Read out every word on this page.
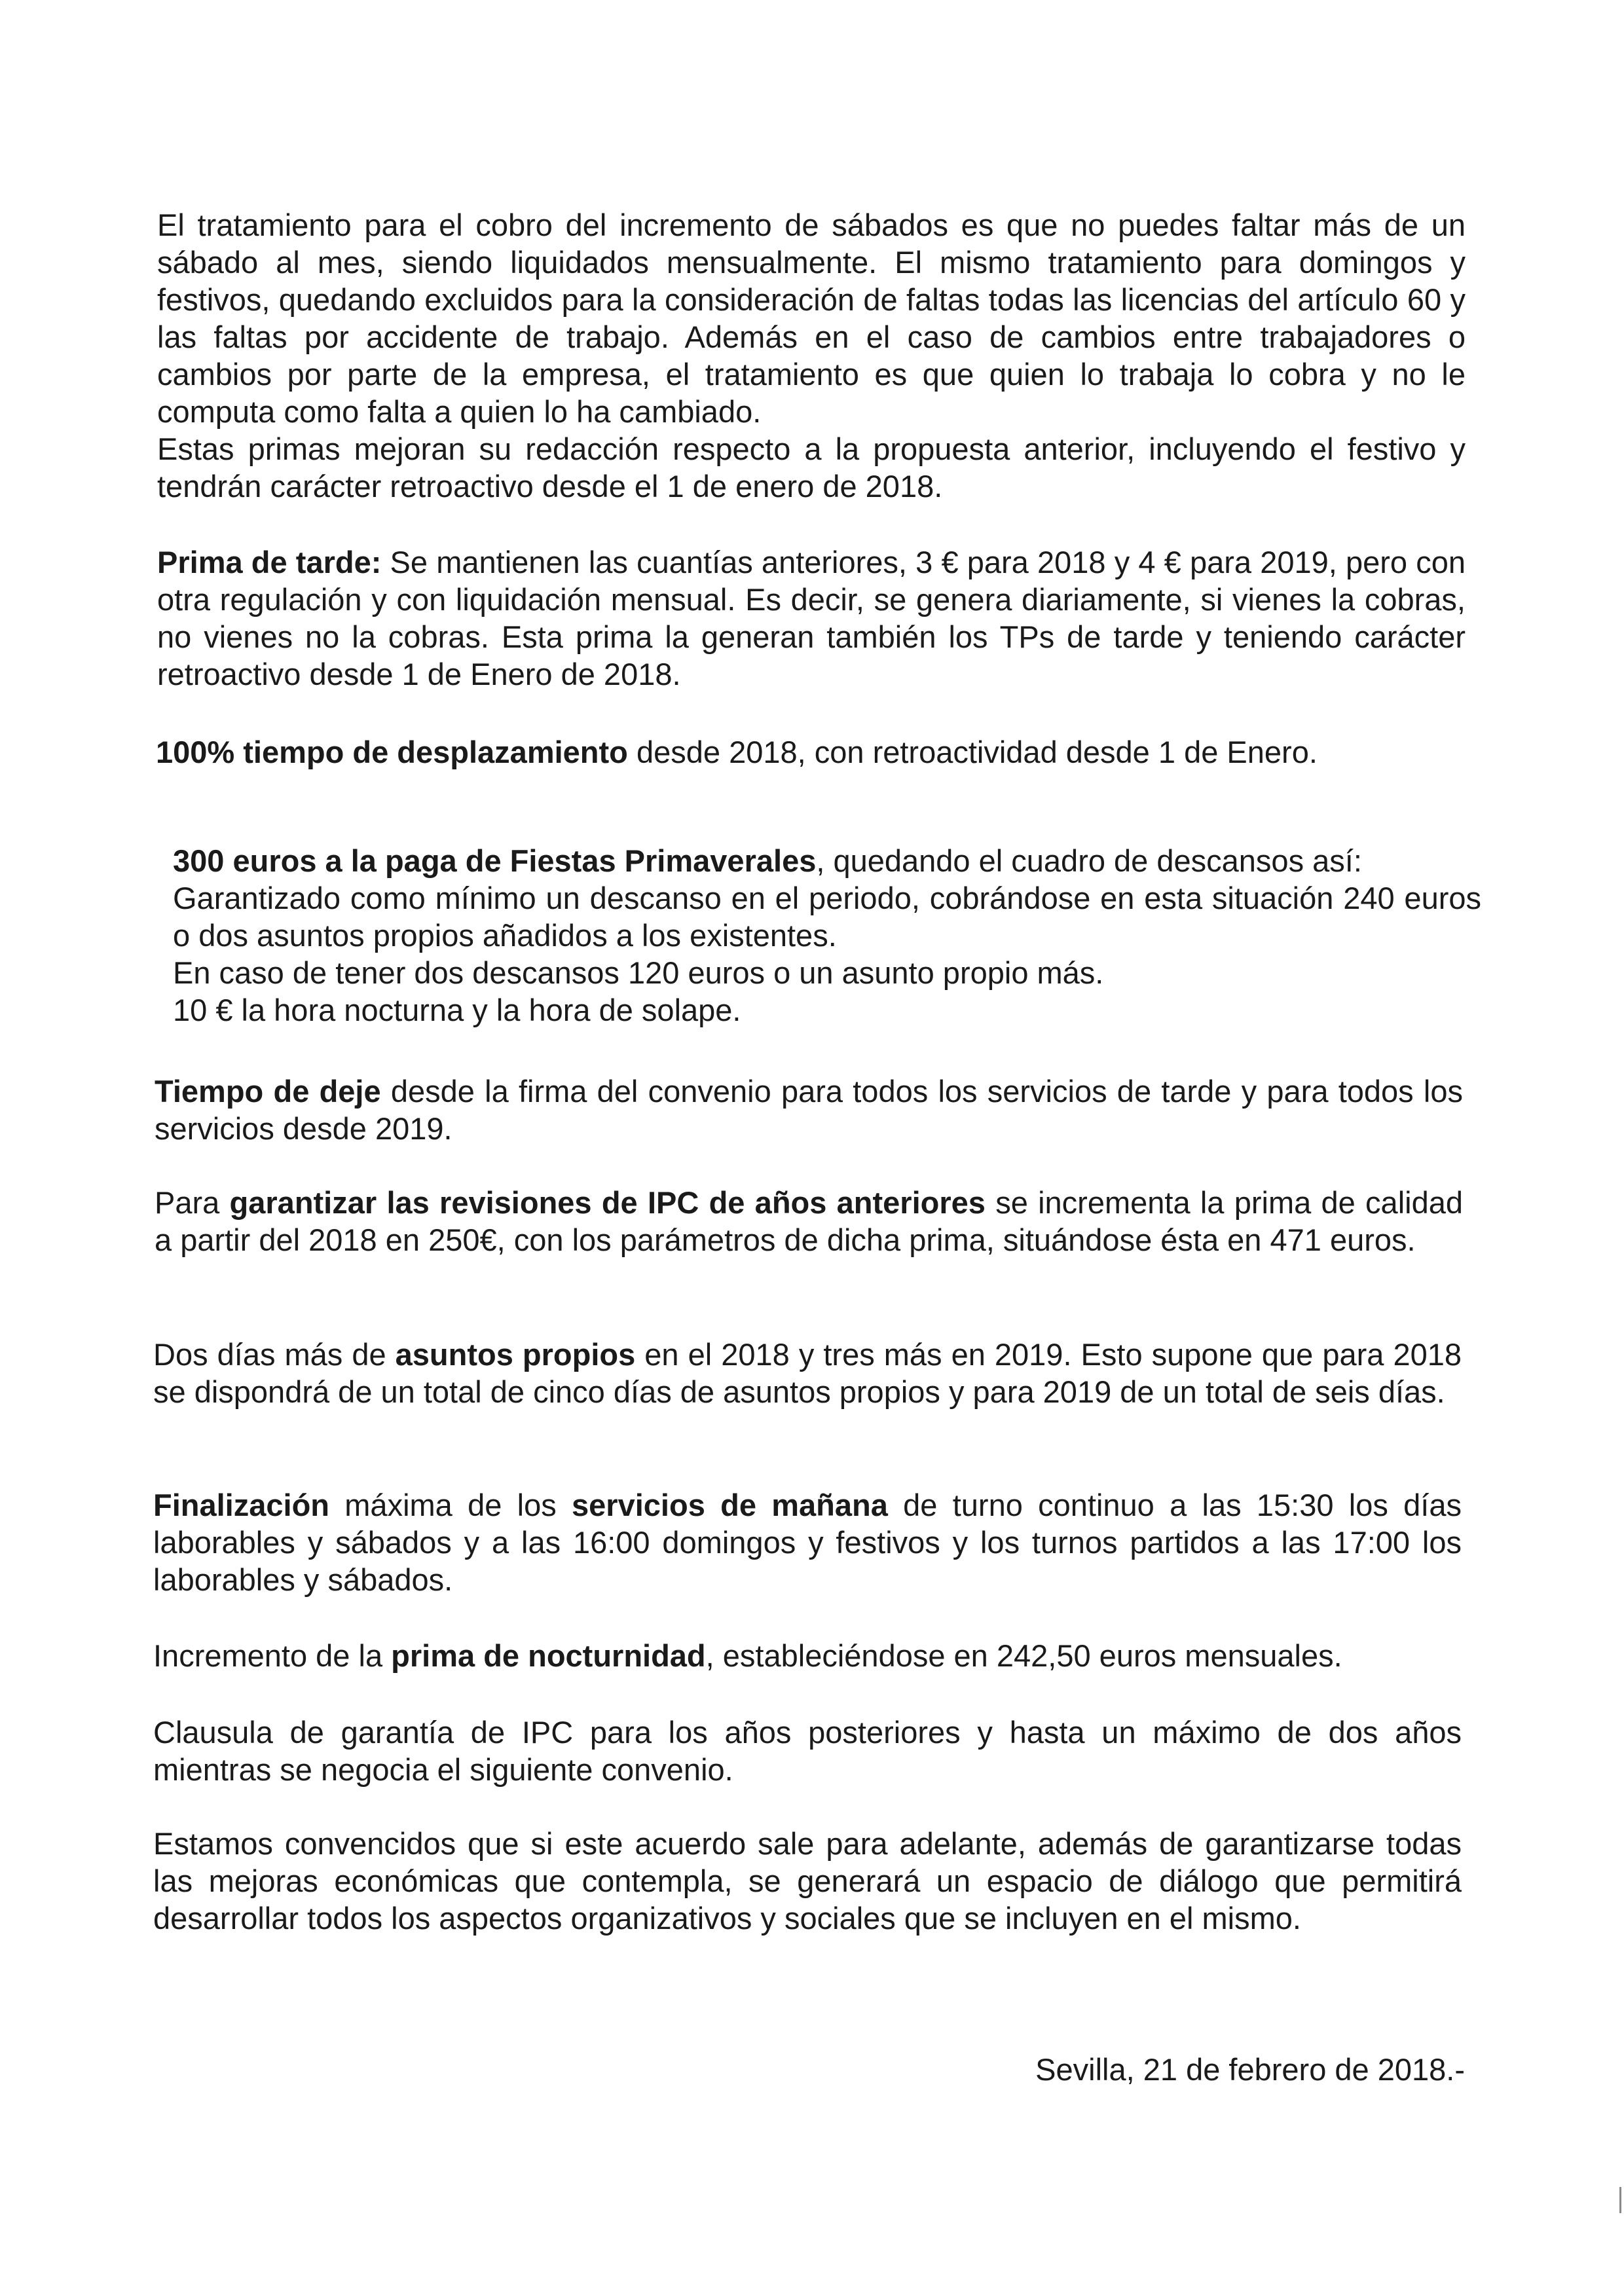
El tratamiento para el cobro del incremento de sábados es que no puedes faltar más de un sábado al mes, siendo liquidados mensualmente. El mismo tratamiento para domingos y festivos, quedando excluidos para la consideración de faltas todas las licencias del artículo 60 y las faltas por accidente de trabajo. Además en el caso de cambios entre trabajadores o cambios por parte de la empresa, el tratamiento es que quien lo trabaja lo cobra y no le computa como falta a quien lo ha cambiado.
Estas primas mejoran su redacción respecto a la propuesta anterior, incluyendo el festivo y tendrán carácter retroactivo desde el 1 de enero de 2018.
Prima de tarde: Se mantienen las cuantías anteriores, 3 € para 2018 y 4 € para 2019, pero con otra regulación y con liquidación mensual. Es decir, se genera diariamente, si vienes la cobras, no vienes no la cobras. Esta prima la generan también los TPs de tarde y teniendo carácter retroactivo desde 1 de Enero de 2018.
100% tiempo de desplazamiento desde 2018, con retroactividad desde 1 de Enero.
300 euros a la paga de Fiestas Primaverales, quedando el cuadro de descansos así:
Garantizado como mínimo un descanso en el periodo, cobrándose en esta situación 240 euros o dos asuntos propios añadidos a los existentes.
En caso de tener dos descansos 120 euros o un asunto propio más.
10 € la hora nocturna y la hora de solape.
Tiempo de deje desde la firma del convenio para todos los servicios de tarde y para todos los servicios desde 2019.
Para garantizar las revisiones de IPC de años anteriores se incrementa la prima de calidad a partir del 2018 en 250€, con los parámetros de dicha prima, situándose ésta en 471 euros.
Dos días más de asuntos propios en el 2018 y tres más en 2019. Esto supone que para 2018 se dispondrá de un total de cinco días de asuntos propios y para 2019 de un total de seis días.
Finalización máxima de los servicios de mañana de turno continuo a las 15:30 los días laborables y sábados y a las 16:00 domingos y festivos y los turnos partidos a las 17:00 los laborables y sábados.
Incremento de la prima de nocturnidad, estableciéndose en 242,50 euros mensuales.
Clausula de garantía de IPC para los años posteriores y hasta un máximo de dos años mientras se negocia el siguiente convenio.
Estamos convencidos que si este acuerdo sale para adelante, además de garantizarse todas las mejoras económicas que contempla, se generará un espacio de diálogo que permitirá desarrollar todos los aspectos organizativos y sociales que se incluyen en el mismo.

Sevilla, 21 de febrero de 2018.-
